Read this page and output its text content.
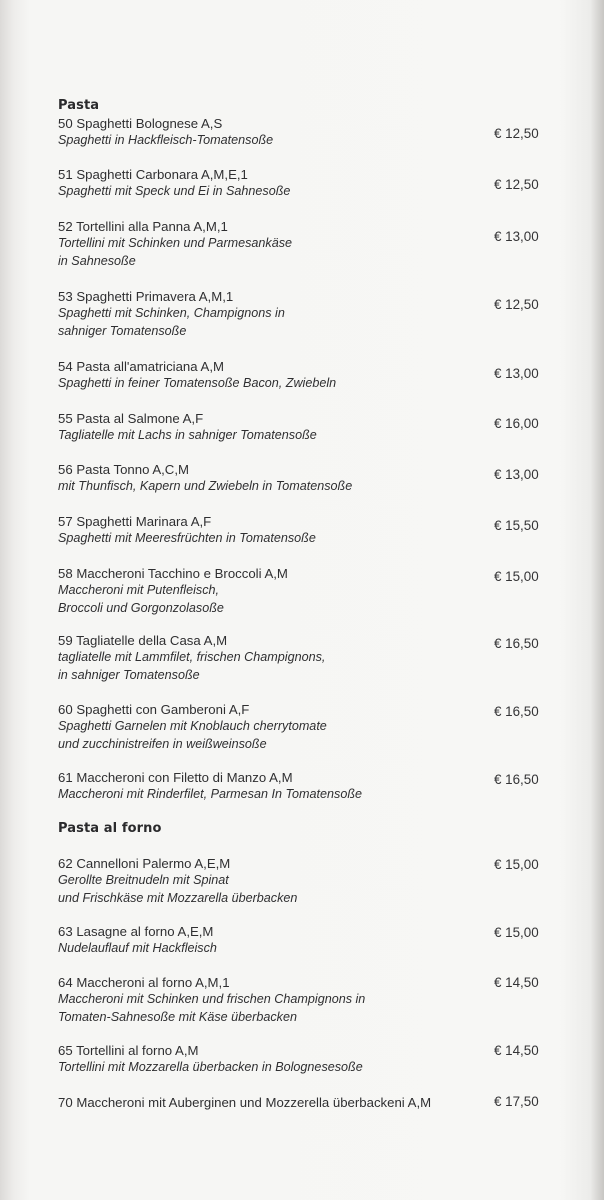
Pasta
50 Spaghetti Bolognese A,S
Spaghetti in Hackfleisch-Tomatensoße	€ 12,50
51 Spaghetti Carbonara A,M,E,1
Spaghetti mit Speck und Ei in Sahnesoße	€ 12,50
52 Tortellini alla Panna A,M,1
Tortellini mit Schinken und Parmesankäse
in Sahnesoße
€ 13,00
53 Spaghetti Primavera A,M,1
Spaghetti mit Schinken, Champignons in
sahniger Tomatensoße
€ 12,50
54 Pasta all'amatriciana A,M
Spaghetti in feiner Tomatensoße Bacon, Zwiebeln
€ 13,00
55 Pasta al Salmone A,F
Tagliatelle mit Lachs in sahniger Tomatensoße
€ 16,00
56 Pasta Tonno A,C,M
mit Thunfisch, Kapern und Zwiebeln in Tomatensoße
€ 13,00
57 Spaghetti Marinara A,F
Spaghetti mit Meeresfrüchten in Tomatensoße
€ 15,50
58 Maccheroni Tacchino e Broccoli A,M
Maccheroni mit Putenfleisch,
Broccoli und Gorgonzolasoße
€ 15,00
59 Tagliatelle della Casa A,M
tagliatelle mit Lammfilet, frischen Champignons,
in sahniger Tomatensoße
€ 16,50
60 Spaghetti con Gamberoni A,F
Spaghetti Garnelen mit Knoblauch cherrytomate
und zucchinistreifen in weißweinsoße
€ 16,50
61 Maccheroni con Filetto di Manzo A,M
Maccheroni mit Rinderfilet, Parmesan In Tomatensoße
€ 16,50
Pasta al forno
62 Cannelloni Palermo A,E,M
Gerollte Breitnudeln mit Spinat
und Frischkäse mit Mozzarella überbacken
€ 15,00
63 Lasagne al forno A,E,M
Nudelauflauf mit Hackfleisch
€ 15,00
64 Maccheroni al forno A,M,1
Maccheroni mit Schinken und frischen Champignons in
Tomaten-Sahnesoße mit Käse überbacken
€ 14,50
65 Tortellini al forno A,M
Tortellini mit Mozzarella überbacken in Bolognesesoße
€ 14,50
70 Maccheroni mit Auberginen und Mozzerella überbackeni A,M	€ 17,50
